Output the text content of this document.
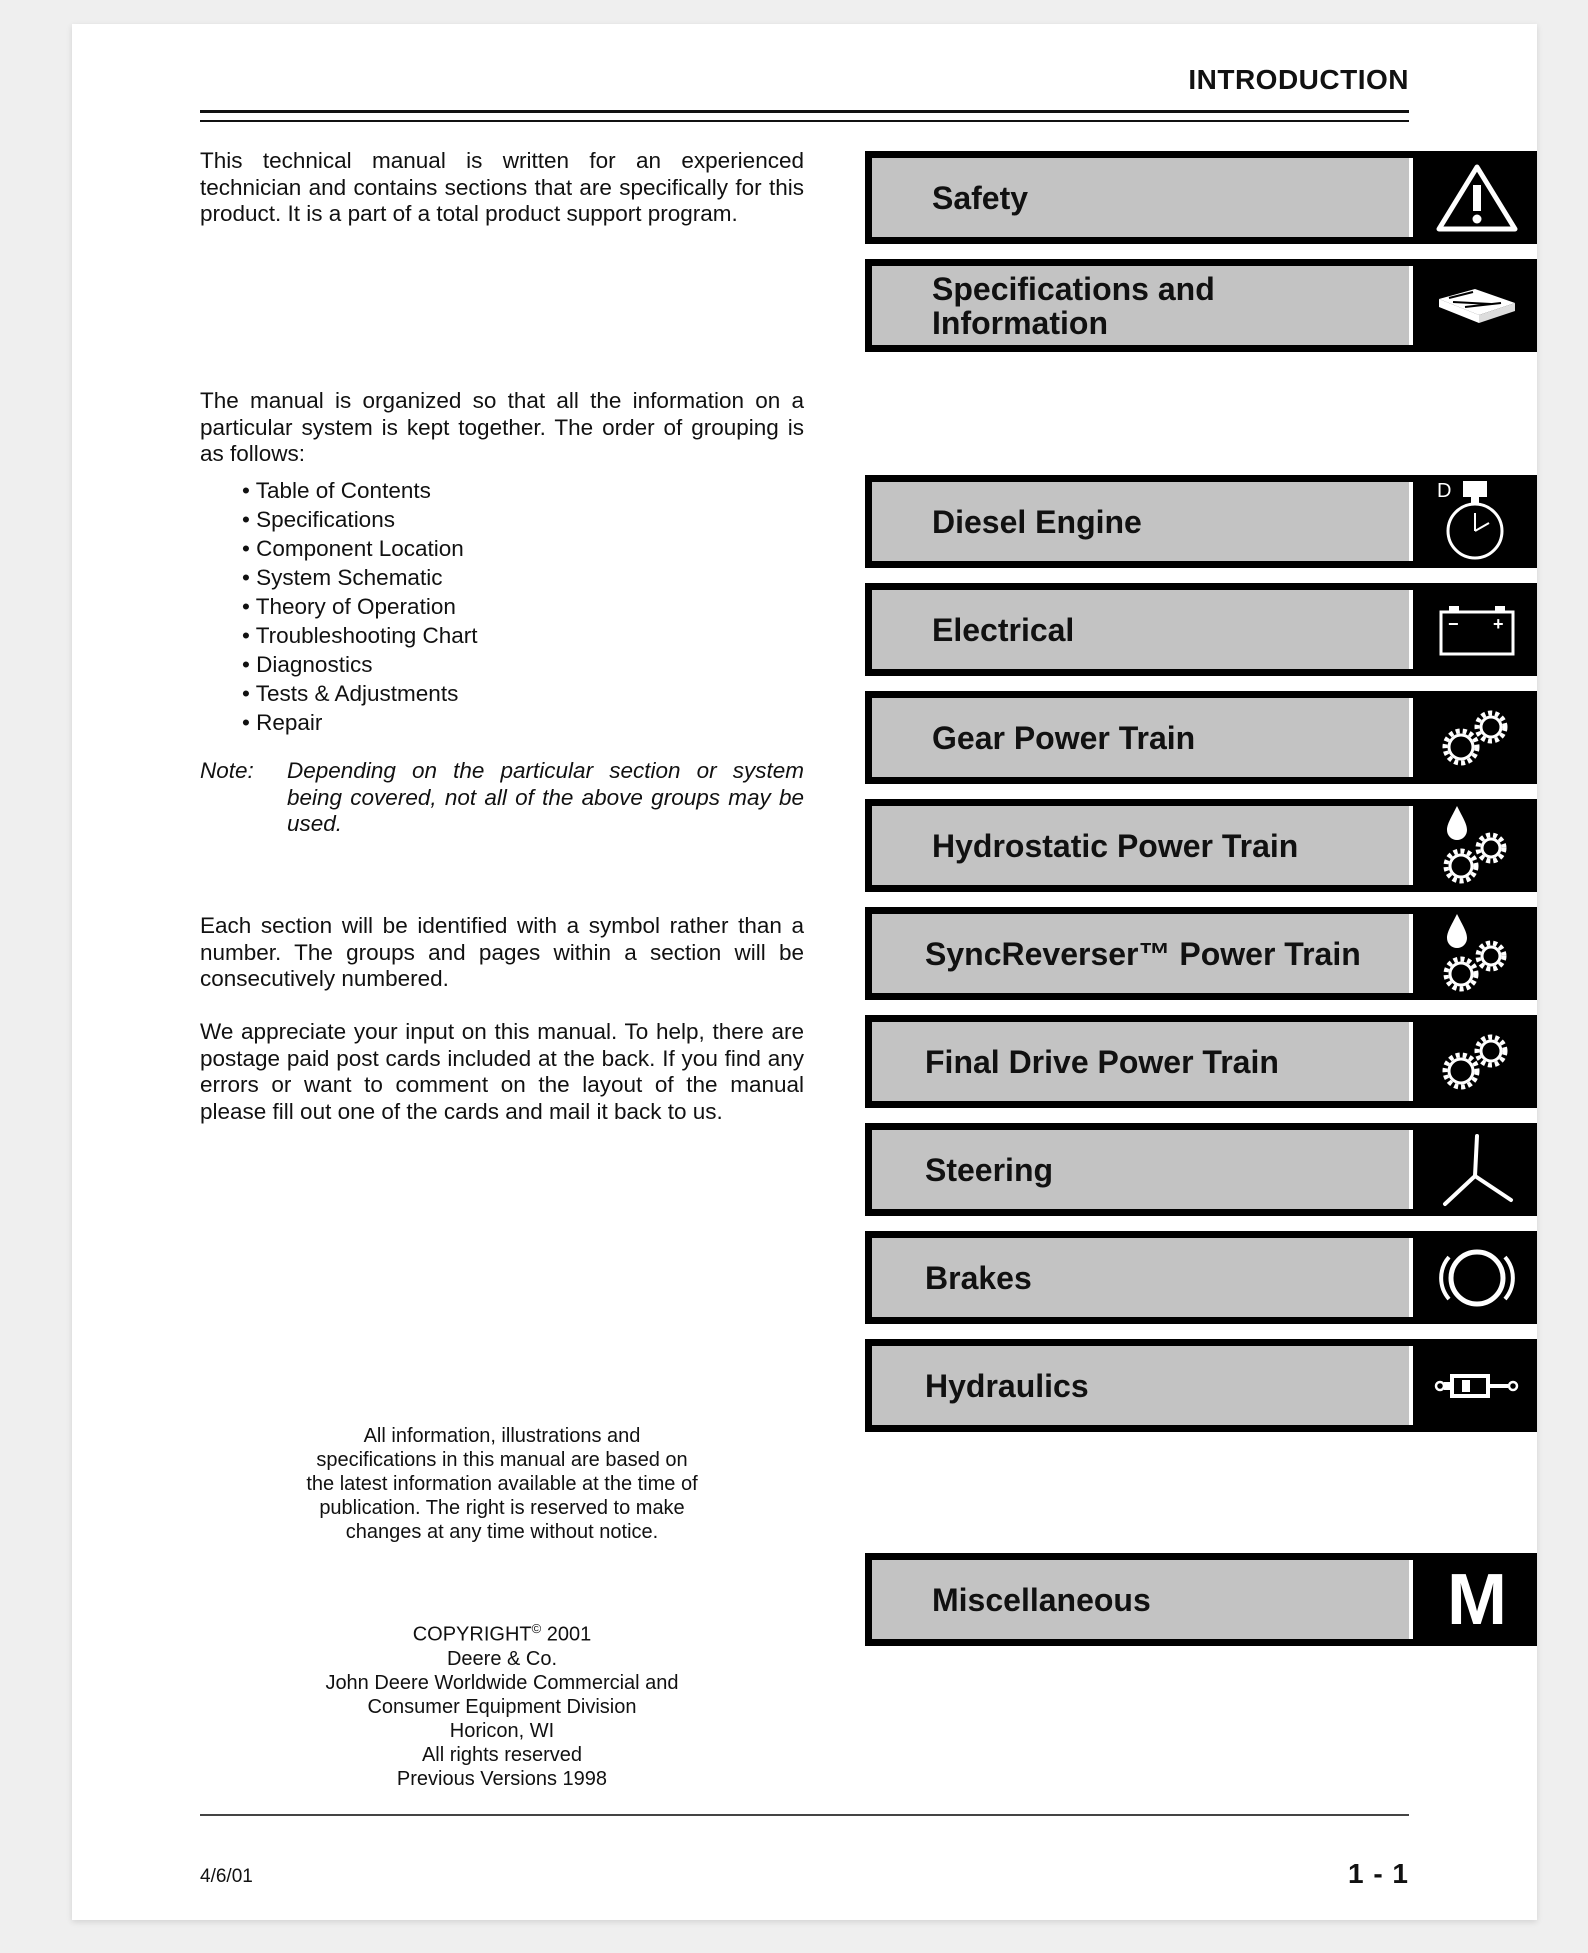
INTRODUCTION

This technical manual is written for an experienced technician and contains sections that are specifically for this product. It is a part of a total product support program.

The manual is organized so that all the information on a particular system is kept together. The order of grouping is as follows:

• Table of Contents
• Specifications
• Component Location
• System Schematic
• Theory of Operation
• Troubleshooting Chart
• Diagnostics
• Tests & Adjustments
• Repair
Note: Depending on the particular section or system being covered, not all of the above groups may be used.

Each section will be identified with a symbol rather than a number. The groups and pages within a section will be consecutively numbered.

We appreciate your input on this manual. To help, there are postage paid post cards included at the back. If you find any errors or want to comment on the layout of the manual please fill out one of the cards and mail it back to us.

All information, illustrations and
specifications in this manual are based on
the latest information available at the time of
publication. The right is reserved to make
changes at any time without notice.
COPYRIGHT© 2001
Deere & Co.
John Deere Worldwide Commercial and
Consumer Equipment Division
Horicon, WI
All rights reserved
Previous Versions 1998
4/6/01	1 - 1
Safety
Specifications and
Information
Diesel Engine
D
Electrical	− +
Gear Power Train
Hydrostatic Power Train
SyncReverser™ Power Train
Final Drive Power Train
Steering
Brakes
Hydraulics
Miscellaneous	M
